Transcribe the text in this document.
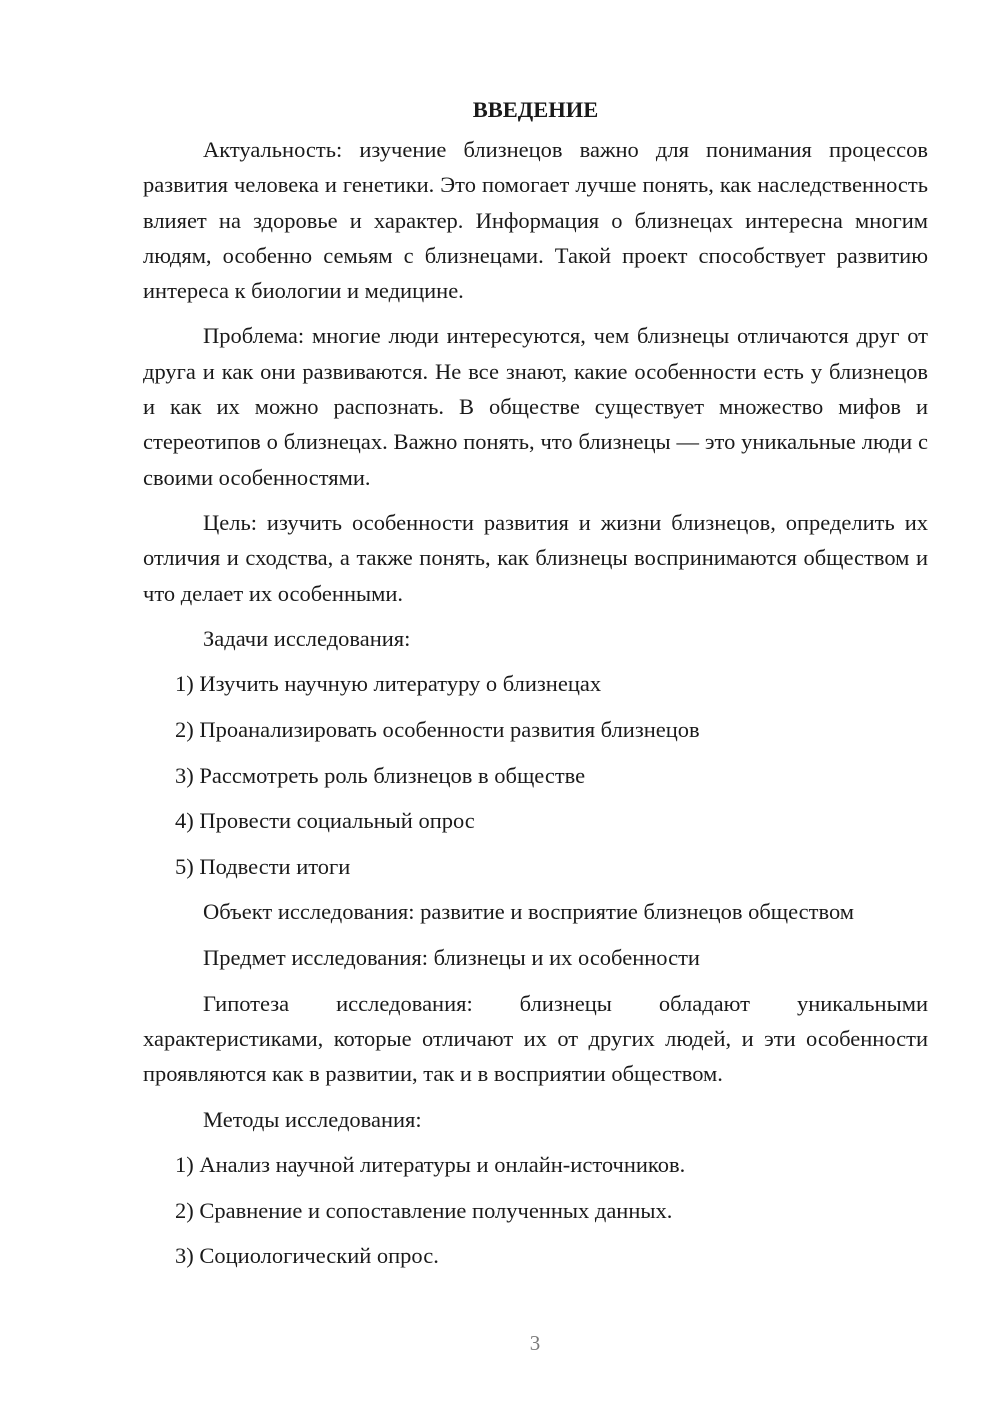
ВВЕДЕНИЕ

Актуальность: изучение близнецов важно для понимания процессов развития человека и генетики. Это помогает лучше понять, как наследственность влияет на здоровье и характер. Информация о близнецах интересна многим людям, особенно семьям с близнецами. Такой проект способствует развитию интереса к биологии и медицине.

Проблема: многие люди интересуются, чем близнецы отличаются друг от друга и как они развиваются. Не все знают, какие особенности есть у близнецов и как их можно распознать. В обществе существует множество мифов и стереотипов о близнецах. Важно понять, что близнецы — это уникальные люди с своими особенностями.

Цель: изучить особенности развития и жизни близнецов, определить их отличия и сходства, а также понять, как близнецы воспринимаются обществом и что делает их особенными.

Задачи исследования:
1) Изучить научную литературу о близнецах
2) Проанализировать особенности развития близнецов
3) Рассмотреть роль близнецов в обществе
4) Провести социальный опрос
5) Подвести итоги
Объект исследования: развитие и восприятие близнецов обществом
Предмет исследования: близнецы и их особенности

Гипотеза исследования: близнецы обладают уникальными характеристиками, которые отличают их от других людей, и эти особенности проявляются как в развитии, так и в восприятии обществом.

Методы исследования:
1) Анализ научной литературы и онлайн-источников.
2) Сравнение и сопоставление полученных данных.
3) Социологический опрос.
3
